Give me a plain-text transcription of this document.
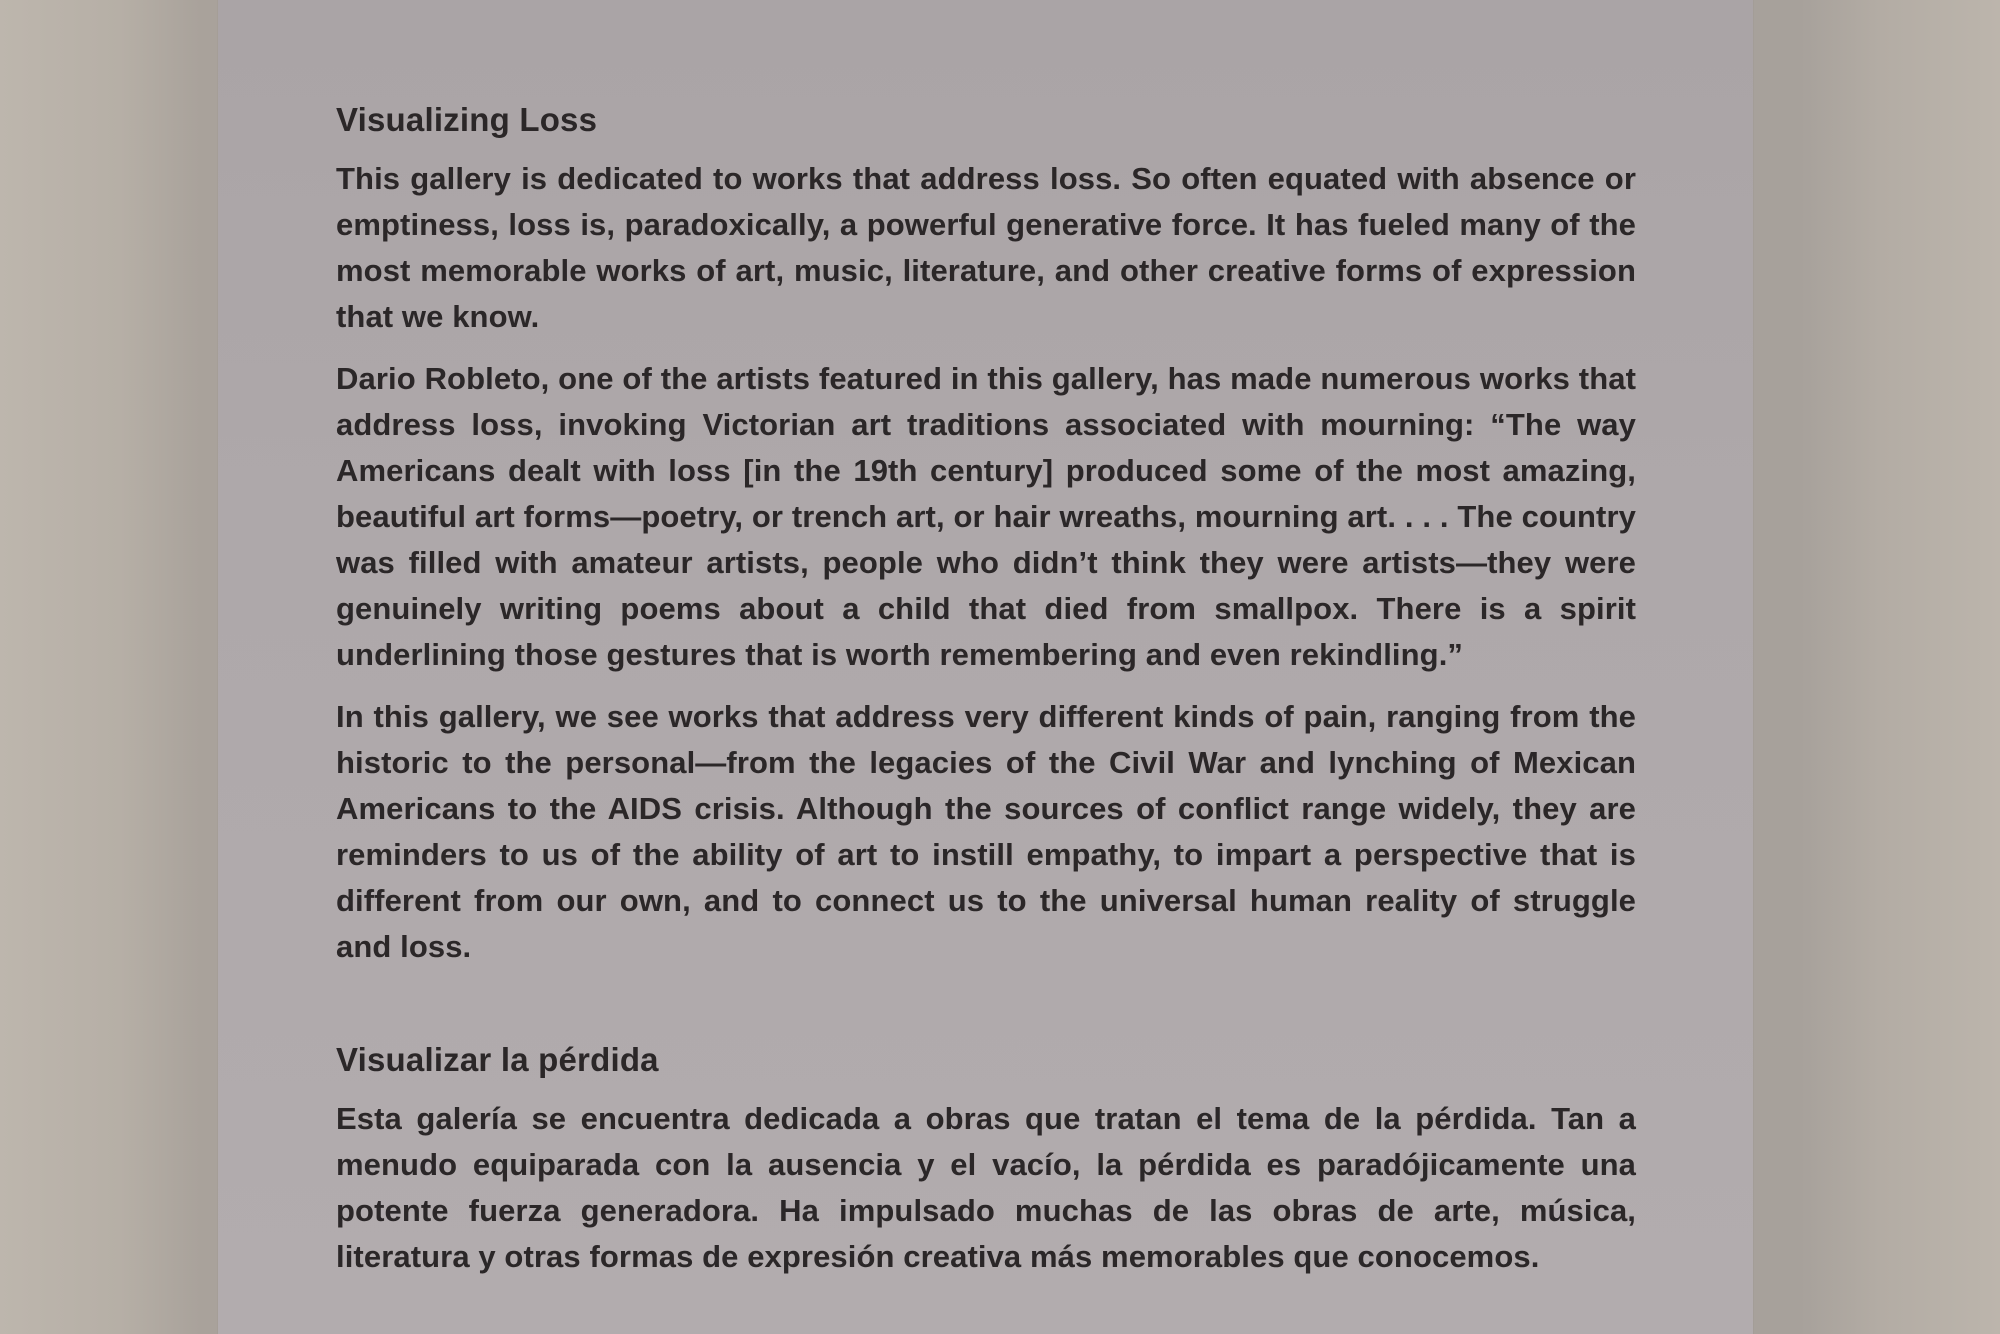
Visualizing Loss

This gallery is dedicated to works that address loss. So often equated with absence or emptiness, loss is, paradoxically, a powerful generative force. It has fueled many of the most memorable works of art, music, literature, and other creative forms of expression that we know.

Dario Robleto, one of the artists featured in this gallery, has made numerous works that address loss, invoking Victorian art traditions associated with mourning: “The way Americans dealt with loss [in the 19th century] produced some of the most amazing, beautiful art forms—poetry, or trench art, or hair wreaths, mourning art. . . . The country was filled with amateur artists, people who didn’t think they were artists—they were genuinely writing poems about a child that died from smallpox. There is a spirit underlining those gestures that is worth remembering and even rekindling.”

In this gallery, we see works that address very different kinds of pain, ranging from the historic to the personal—from the legacies of the Civil War and lynching of Mexican Americans to the AIDS crisis. Although the sources of conflict range widely, they are reminders to us of the ability of art to instill empathy, to impart a perspective that is different from our own, and to connect us to the universal human reality of struggle and loss.

Visualizar la pérdida

Esta galería se encuentra dedicada a obras que tratan el tema de la pérdida. Tan a menudo equiparada con la ausencia y el vacío, la pérdida es paradójicamente una potente fuerza generadora. Ha impulsado muchas de las obras de arte, música, literatura y otras formas de expresión creativa más memorables que conocemos.
